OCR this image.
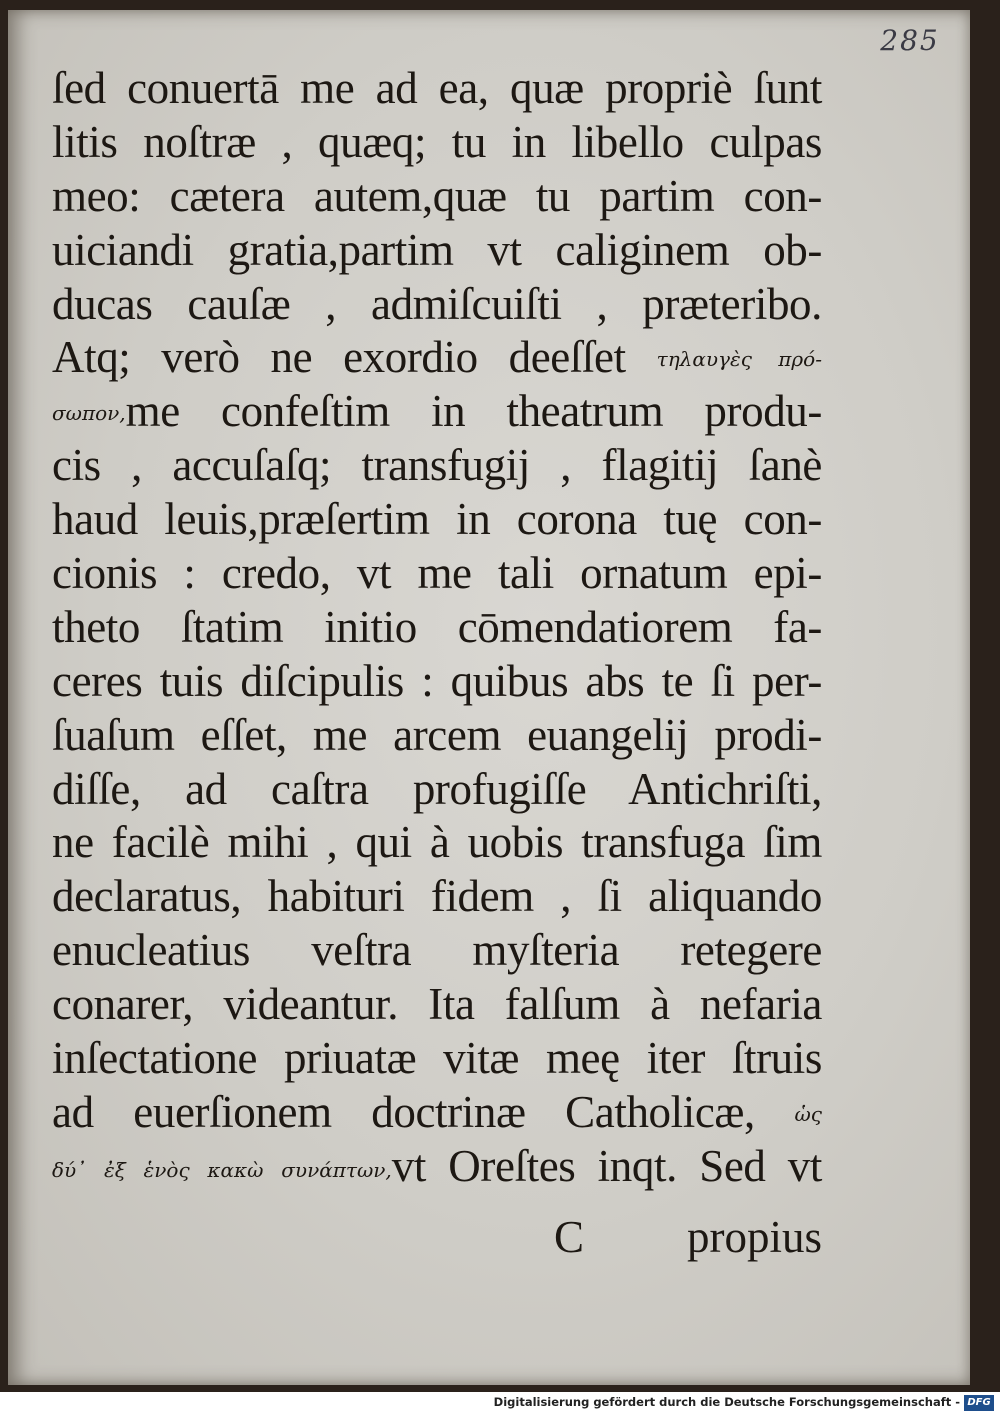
285
ſed conuertā me ad ea, quæ propriè ſunt
litis noſtræ , quæq; tu in libello culpas
meo: cætera autem,quæ tu partim con-
uiciandi gratia,partim vt caliginem ob-
ducas cauſæ , admiſcuiſti , præteribo.
Atq; verò ne exordio deeſſet τηλαυγὲς πρό-
σωπον,me confeſtim in theatrum produ-
cis , accuſaſq; transfugij , flagitij ſanè
haud leuis,præſertim in corona tuę con-
cionis : credo, vt me tali ornatum epi-
theto ſtatim initio cōmendatiorem fa-
ceres tuis diſcipulis : quibus abs te ſi per-
ſuaſum eſſet, me arcem euangelij prodi-
diſſe, ad caſtra profugiſſe Antichriſti,
ne facilè mihi , qui à uobis transfuga ſim
declaratus, habituri fidem , ſi aliquando
enucleatius veſtra myſteria retegere
conarer, videantur. Ita falſum à nefaria
inſectatione priuatæ vitæ meę iter ſtruis
ad euerſionem doctrinæ Catholicæ, ὡς
δύ᾽ ἐξ ἑνὸς κακὼ συνάπτων,vt Oreſtes inqt. Sed vt
C propius
Digitalisierung gefördert durch die Deutsche Forschungsgemeinschaft - DFG
